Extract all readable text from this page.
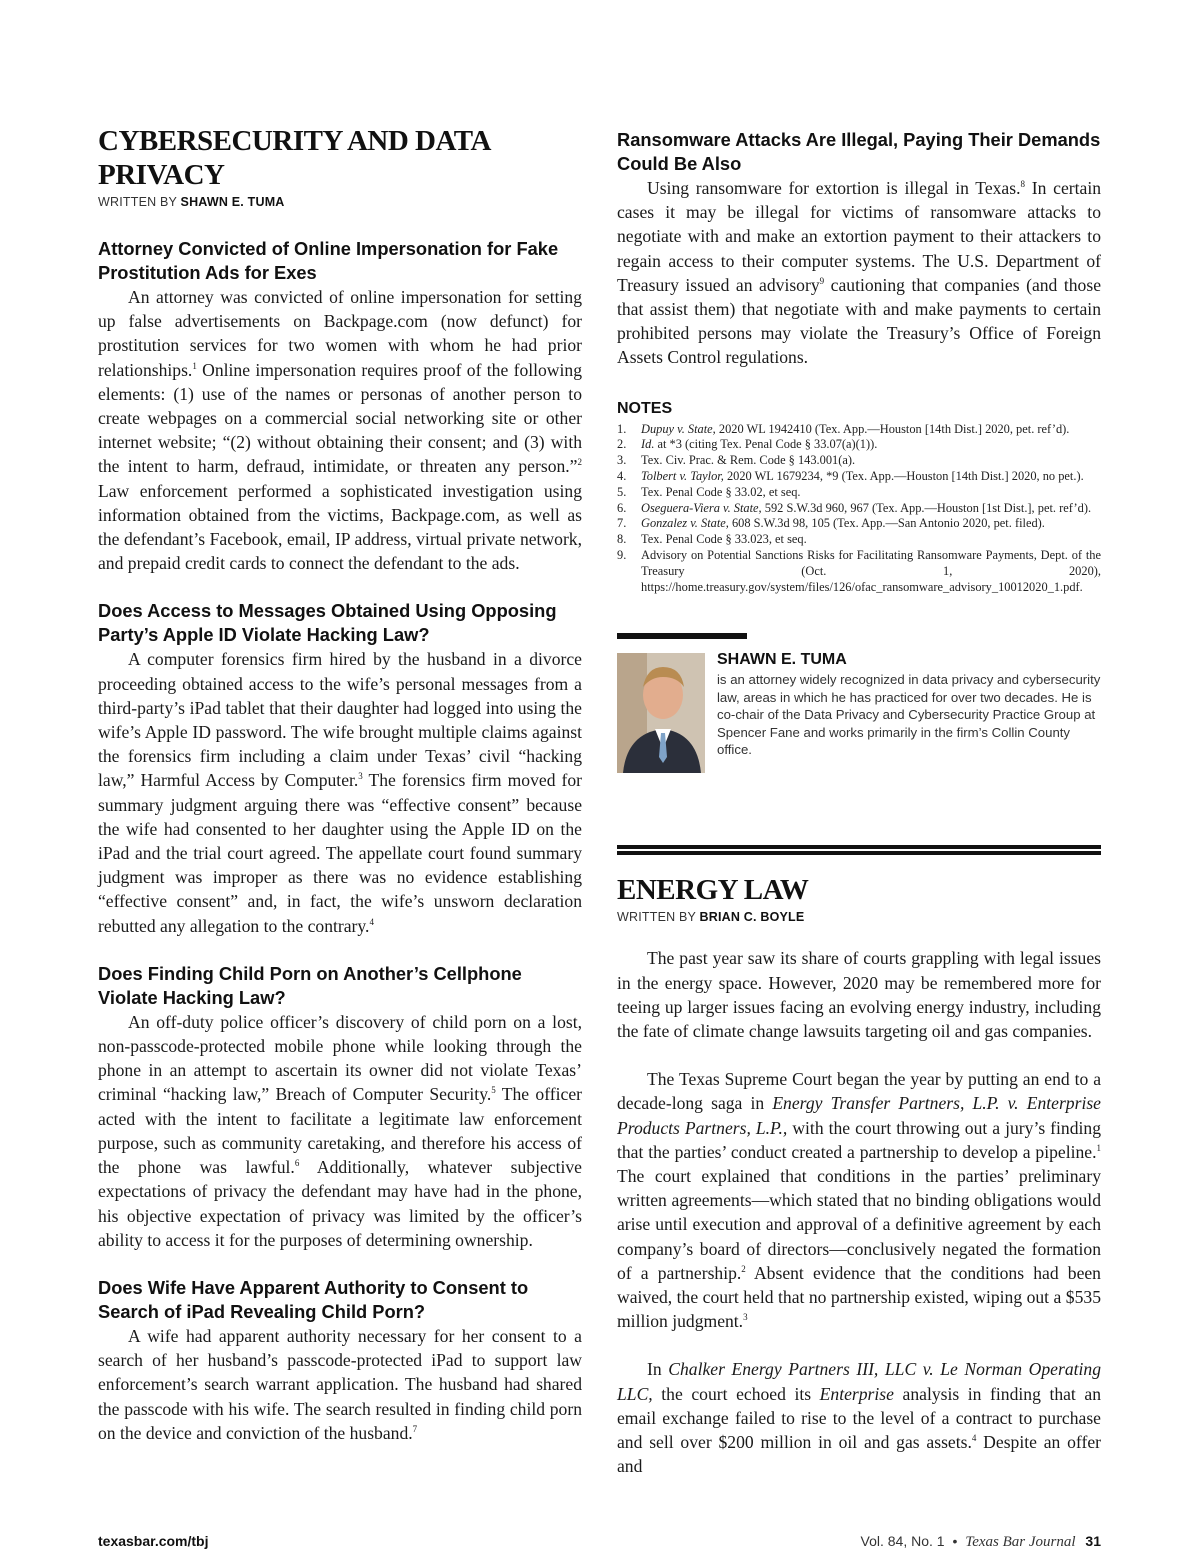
CYBERSECURITY AND DATA PRIVACY

WRITTEN BY SHAWN E. TUMA

Attorney Convicted of Online Impersonation for Fake Prostitution Ads for Exes

An attorney was convicted of online impersonation for setting up false advertisements on Backpage.com (now defunct) for prostitution services for two women with whom he had prior relationships.$^1$ Online impersonation requires proof of the following elements: (1) use of the names or personas of another person to create webpages on a commercial social networking site or other internet website; “(2) without obtaining their consent; and (3) with the intent to harm, defraud, intimidate, or threaten any person.”$^2$ Law enforcement performed a sophisticated investigation using information obtained from the victims, Backpage.com, as well as the defendant’s Facebook, email, IP address, virtual private network, and prepaid credit cards to connect the defendant to the ads.

Does Access to Messages Obtained Using Opposing Party’s Apple ID Violate Hacking Law?

A computer forensics firm hired by the husband in a divorce proceeding obtained access to the wife’s personal messages from a third-party’s iPad tablet that their daughter had logged into using the wife’s Apple ID password. The wife brought multiple claims against the forensics firm including a claim under Texas’ civil “hacking law,” Harmful Access by Computer.$^3$ The forensics firm moved for summary judgment arguing there was “effective consent” because the wife had consented to her daughter using the Apple ID on the iPad and the trial court agreed. The appellate court found summary judgment was improper as there was no evidence establishing “effective consent” and, in fact, the wife’s unsworn declaration rebutted any allegation to the contrary.$^4$

Does Finding Child Porn on Another’s Cellphone Violate Hacking Law?

An off-duty police officer’s discovery of child porn on a lost, non-passcode-protected mobile phone while looking through the phone in an attempt to ascertain its owner did not violate Texas’ criminal “hacking law,” Breach of Computer Security.$^5$ The officer acted with the intent to facilitate a legitimate law enforcement purpose, such as community caretaking, and therefore his access of the phone was lawful.$^6$ Additionally, whatever subjective expectations of privacy the defendant may have had in the phone, his objective expectation of privacy was limited by the officer’s ability to access it for the purposes of determining ownership.

Does Wife Have Apparent Authority to Consent to Search of iPad Revealing Child Porn?

A wife had apparent authority necessary for her consent to a search of her husband’s passcode-protected iPad to support law enforcement’s search warrant application. The husband had shared the passcode with his wife. The search resulted in finding child porn on the device and conviction of the husband.$^7$

Ransomware Attacks Are Illegal, Paying Their Demands Could Be Also

Using ransomware for extortion is illegal in Texas.$^8$ In certain cases it may be illegal for victims of ransomware attacks to negotiate with and make an extortion payment to their attackers to regain access to their computer systems. The U.S. Department of Treasury issued an advisory$^9$ cautioning that companies (and those that assist them) that negotiate with and make payments to certain prohibited persons may violate the Treasury’s Office of Foreign Assets Control regulations.

NOTES
1.	Dupuy v. State, 2020 WL 1942410 (Tex. App.—Houston [14th Dist.] 2020, pet. ref’d).
2.	Id. at *3 (citing Tex. Penal Code § 33.07(a)(1)).
3.	Tex. Civ. Prac. & Rem. Code § 143.001(a).
4.	Tolbert v. Taylor, 2020 WL 1679234, *9 (Tex. App.—Houston [14th Dist.] 2020, no pet.).
5.	Tex. Penal Code § 33.02, et seq.
6.	Oseguera-Viera v. State, 592 S.W.3d 960, 967 (Tex. App.—Houston [1st Dist.], pet. ref’d).
7.	Gonzalez v. State, 608 S.W.3d 98, 105 (Tex. App.—San Antonio 2020, pet. filed).
8.	Tex. Penal Code § 33.023, et seq.
9.	Advisory on Potential Sanctions Risks for Facilitating Ransomware Payments, Dept. of the Treasury (Oct. 1, 2020), https://home.treasury.gov/system/files/126/ofac_ransomware_advisory_10012020_1.pdf.

SHAWN E. TUMA

is an attorney widely recognized in data privacy and cybersecurity law, areas in which he has practiced for over two decades. He is co-chair of the Data Privacy and Cybersecurity Practice Group at Spencer Fane and works primarily in the firm’s Collin County office.

ENERGY LAW

WRITTEN BY BRIAN C. BOYLE

The past year saw its share of courts grappling with legal issues in the energy space. However, 2020 may be remembered more for teeing up larger issues facing an evolving energy industry, including the fate of climate change lawsuits targeting oil and gas companies.

The Texas Supreme Court began the year by putting an end to a decade-long saga in Energy Transfer Partners, L.P. v. Enterprise Products Partners, L.P., with the court throwing out a jury’s finding that the parties’ conduct created a partnership to develop a pipeline.$^1$ The court explained that conditions in the parties’ preliminary written agreements—which stated that no binding obligations would arise until execution and approval of a definitive agreement by each company’s board of directors—conclusively negated the formation of a partnership.$^2$ Absent evidence that the conditions had been waived, the court held that no partnership existed, wiping out a $535 million judgment.$^3$

In Chalker Energy Partners III, LLC v. Le Norman Operating LLC, the court echoed its Enterprise analysis in finding that an email exchange failed to rise to the level of a contract to purchase and sell over $200 million in oil and gas assets.$^4$ Despite an offer and

texasbar.com/tbj	Vol. 84, No. 1 • Texas Bar Journal 31
